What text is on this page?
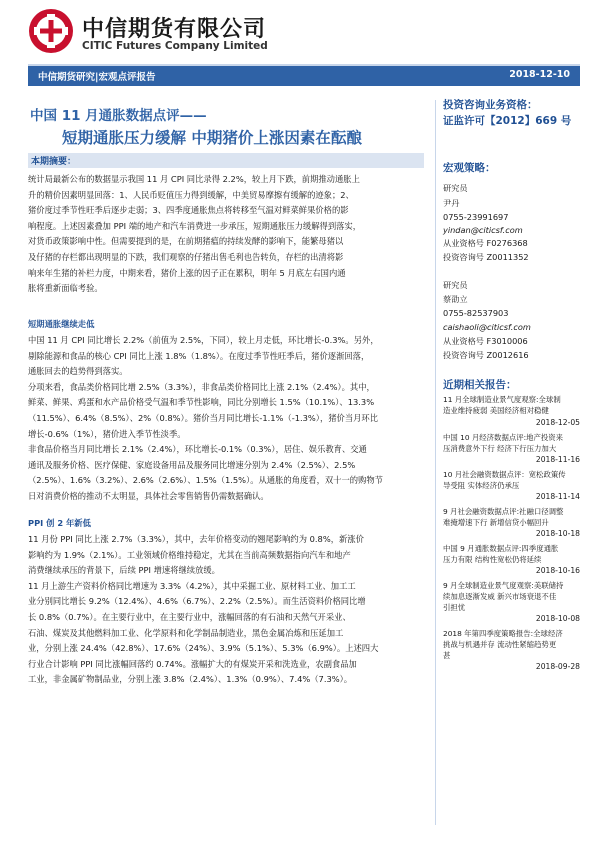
中信期货有限公司
CITIC Futures Company Limited
中信期货研究|宏观点评报告	2018-12-10
中国 11 月通胀数据点评——
短期通胀压力缓解 中期猪价上涨因素在酝酿
本期摘要：
统计局最新公布的数据显示我国 11 月 CPI 同比录得 2.2%，较上月下跌，前期推动通胀上
升的精价因素明显回落：1、人民币贬值压力得到缓解，中美贸易摩擦有缓解的迹象；2、
猪价度过季节性旺季后逐步走弱；3、四季度通胀焦点将转移至气温对鲜菜鲜果价格的影
响程度。上述因素叠加 PPI 端的地产和汽车消费进一步承压，短期通胀压力缓解得到落实，
对货币政策影响中性。但需要提到的是，在前期猪瘟的持续发酵的影响下，能繁母猪以
及仔猪的存栏都出现明显的下跌，我们观察的仔猪出售毛利也告转负，存栏的出清将影
响来年生猪的补栏力度，中期来看，猪价上涨的因子正在累积，明年 5 月底左右国内通
胀将重新面临考验。
短期通胀继续走低
中国 11 月 CPI 同比增长 2.2%（前值为 2.5%，下同），较上月走低，环比增长-0.3%。另外，
剔除能源和食品的核心 CPI 同比上涨 1.8%（1.8%）。在度过季节性旺季后，猪价逐渐回落，
通胀回去的趋势得到落实。
分项来看，食品类价格同比增 2.5%（3.3%），非食品类价格同比上涨 2.1%（2.4%）。其中，
鲜菜、鲜果、鸡蛋和水产品价格受气温和季节性影响，同比分别增长 1.5%（10.1%）、13.3%
（11.5%）、6.4%（8.5%）、2%（0.8%）。猪价当月同比增长-1.1%（-1.3%），猪价当月环比
增长-0.6%（1%），猪价进入季节性淡季。
非食品价格当月同比增长 2.1%（2.4%），环比增长-0.1%（0.3%），居住、娱乐教育、交通
通讯及服务价格、医疗保健、家庭设备用品及服务同比增速分别为 2.4%（2.5%）、2.5%
（2.5%）、1.6%（3.2%）、2.6%（2.6%）、1.5%（1.5%）。从通胀的角度看，双十一的购物节
日对消费价格的推动不太明显，具体社会零售销售仍需数据确认。
PPI 创 2 年新低
11 月份 PPI 同比上涨 2.7%（3.3%），其中，去年价格变动的翘尾影响约为 0.8%，新涨价
影响约为 1.9%（2.1%）。工业领域价格维持稳定，尤其在当前高频数据指向汽车和地产
消费继续承压的背景下，后续 PPI 增速将继续放缓。
11 月上游生产资料价格同比增速为 3.3%（4.2%），其中采掘工业、原材料工业、加工工
业分别同比增长 9.2%（12.4%）、4.6%（6.7%）、2.2%（2.5%）。而生活资料价格同比增
长 0.8%（0.7%）。在主要行业中，在主要行业中，涨幅回落的有石油和天然气开采业、
石油、煤炭及其他燃料加工业、化学原料和化学制品制造业，黑色金属冶炼和压延加工
业，分别上涨 24.4%（42.8%）、17.6%（24%）、3.9%（5.1%）、5.3%（6.9%）。上述四大
行业合计影响 PPI 同比涨幅回落约 0.74%。涨幅扩大的有煤炭开采和洗选业，农副食品加
工业，非金属矿物制品业，分别上涨 3.8%（2.4%）、1.3%（0.9%）、7.4%（7.3%）。
投资咨询业务资格：
证监许可【2012】669 号
宏观策略：
研究员
尹丹
0755-23991697
yindan@citicsf.com
从业资格号 F0276368
投资咨询号 Z0011352
研究员
蔡劭立
0755-82537903
caishaoli@citicsf.com
从业资格号 F3010006
投资咨询号 Z0012616
近期相关报告：
11 月全球制造业景气度观察:全球制
造业维持疲弱 美国经济相对稳健
2018-12-05
中国 10 月经济数据点评:地产投资来
压消费意外下行 经济下行压力加大
2018-11-16
10 月社会融资数据点评：宽松政策传
导受阻 实体经济仍承压
2018-11-14
9 月社会融资数据点评:社融口径调整
难掩增速下行 新增信贷小幅回升
2018-10-18
中国 9 月通胀数据点评:四季度通胀
压力有限 结构性宽松仍将延续
2018-10-16
9 月全球制造业景气度观察:美联储持
续加息逐渐发威 新兴市场衰退不佳
引担忧
2018-10-08
2018 年第四季度策略报告:全球经济
挑战与机遇并存 流动性紧缩趋势更
甚
2018-09-28
